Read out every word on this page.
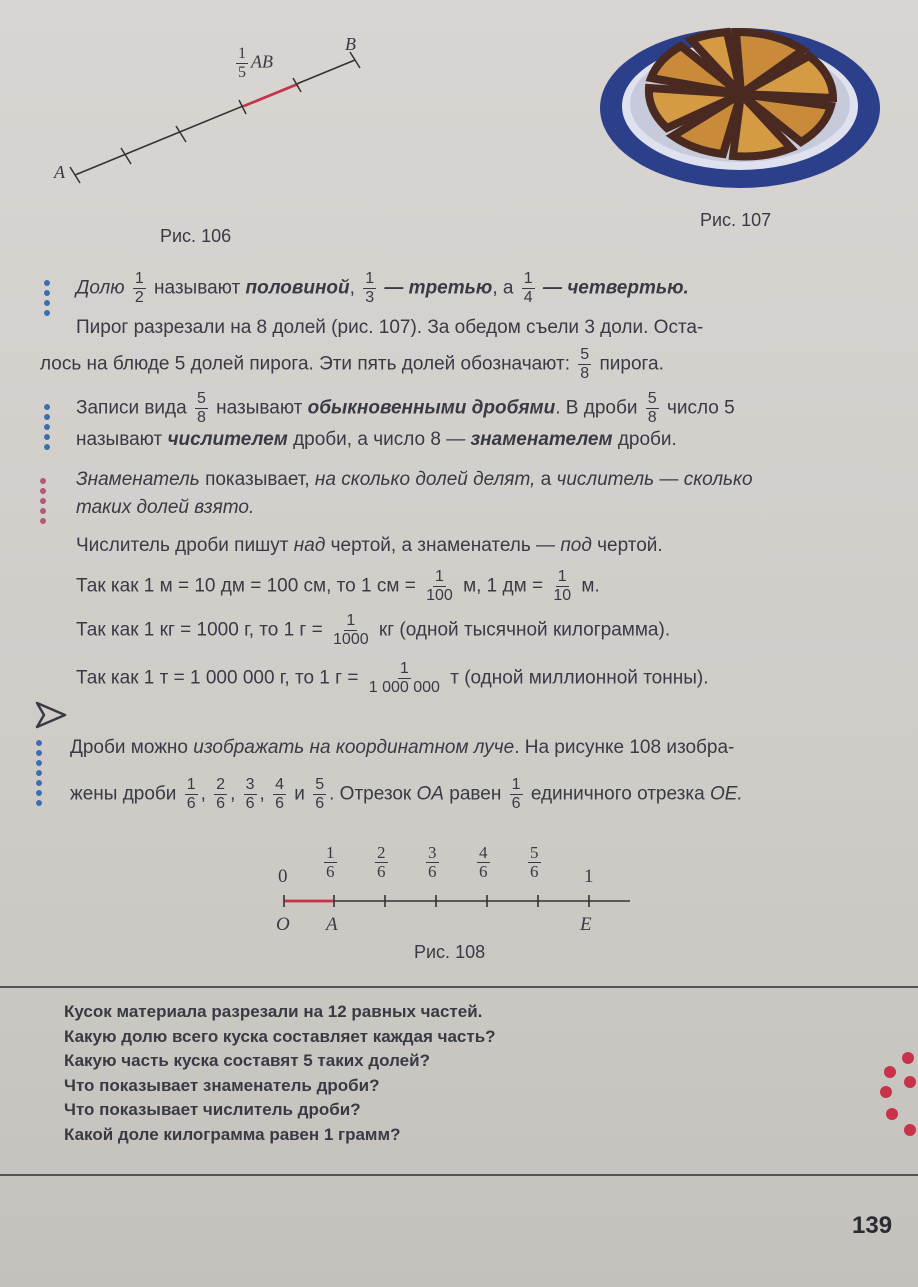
A
B
$\frac{1}{5}$ AB
Рис. 106
Рис. 107
Долю $\frac{1}{2}$ называют половиной, $\frac{1}{3}$ — третью, а $\frac{1}{4}$ — четвертью.
Пирог разрезали на 8 долей (рис. 107). За обедом съели 3 доли. Оста-
лось на блюде 5 долей пирога. Эти пять долей обозначают: $\frac{5}{8}$ пирога.
Записи вида $\frac{5}{8}$ называют обыкновенными дробями. В дроби $\frac{5}{8}$ число 5
называют числителем дроби, а число 8 — знаменателем дроби.
Знаменатель показывает, на сколько долей делят, а числитель — сколько
таких долей взято.
Числитель дроби пишут над чертой, а знаменатель — под чертой.
Так как 1 м = 10 дм = 100 см, то 1 см = $\frac{1}{100} м$, 1 дм = $\frac{1}{10} м$.
Так как 1 кг = 1000 г, то 1 $г = \frac{1}{1000}$ кг (одной тысячной килограмма).
Так как 1 т = 1 000 000 г, то 1 $г = \frac{1}{1 000 000}$ т (одной миллионной тонны).
Дроби можно изображать на координатном луче. На рисунке 108 изобра-
жены дроби $\frac{1}{6}$ , $\frac{2}{6}$ , $\frac{3}{6}$ , $\frac{4}{6}$ и $\frac{5}{6}$ . Отрезок OA равен $\frac{1}{6}$ единичного отрезка OE.
$0 \frac{1}{6} \frac{2}{6} \frac{3}{6} \frac{4}{6} \frac{5}{6} 1$
O A	E
Рис. 108
Кусок материала разрезали на 12 равных частей.
Какую долю всего куска составляет каждая часть?
Какую часть куска составят 5 таких долей?
Что показывает знаменатель дроби?
Что показывает числитель дроби?
Какой доле килограмма равен 1 грамм?
139
